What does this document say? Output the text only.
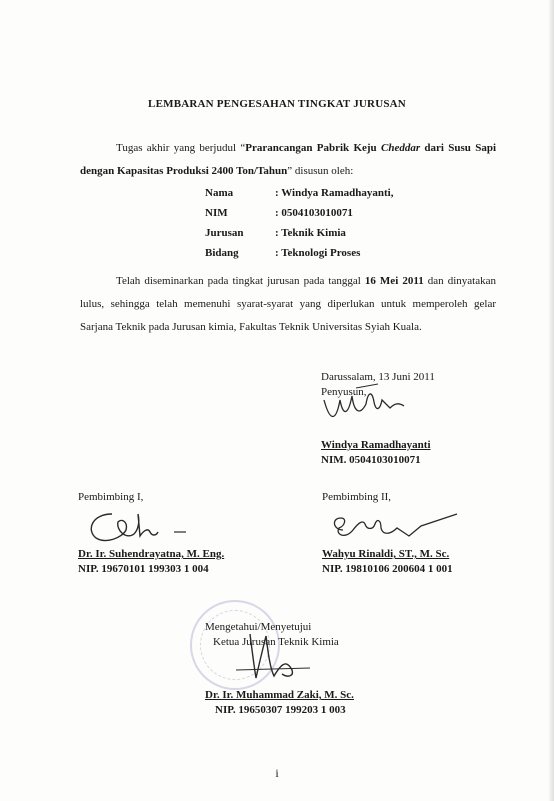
LEMBARAN PENGESAHAN TINGKAT JURUSAN
Tugas akhir yang berjudul “Prarancangan Pabrik Keju Cheddar dari Susu Sapi dengan Kapasitas Produksi 2400 Ton/Tahun” disusun oleh:
Nama	: Windya Ramadhayanti,
NIM	: 0504103010071
Jurusan	: Teknik Kimia
Bidang	: Teknologi Proses
Telah diseminarkan pada tingkat jurusan pada tanggal 16 Mei 2011 dan dinyatakan lulus, sehingga telah memenuhi syarat-syarat yang diperlukan untuk memperoleh gelar Sarjana Teknik pada Jurusan kimia, Fakultas Teknik Universitas Syiah Kuala.
Darussalam, 13 Juni 2011
Penyusun,
Windya Ramadhayanti
NIM. 0504103010071
Pembimbing I,
Dr. Ir. Suhendrayatna, M. Eng.
NIP. 19670101 199303 1 004
Pembimbing II,
Wahyu Rinaldi, ST., M. Sc.
NIP. 19810106 200604 1 001
Mengetahui/Menyetujui
Ketua Jurusan Teknik Kimia
Dr. Ir. Muhammad Zaki, M. Sc.
NIP. 19650307 199203 1 003
i
